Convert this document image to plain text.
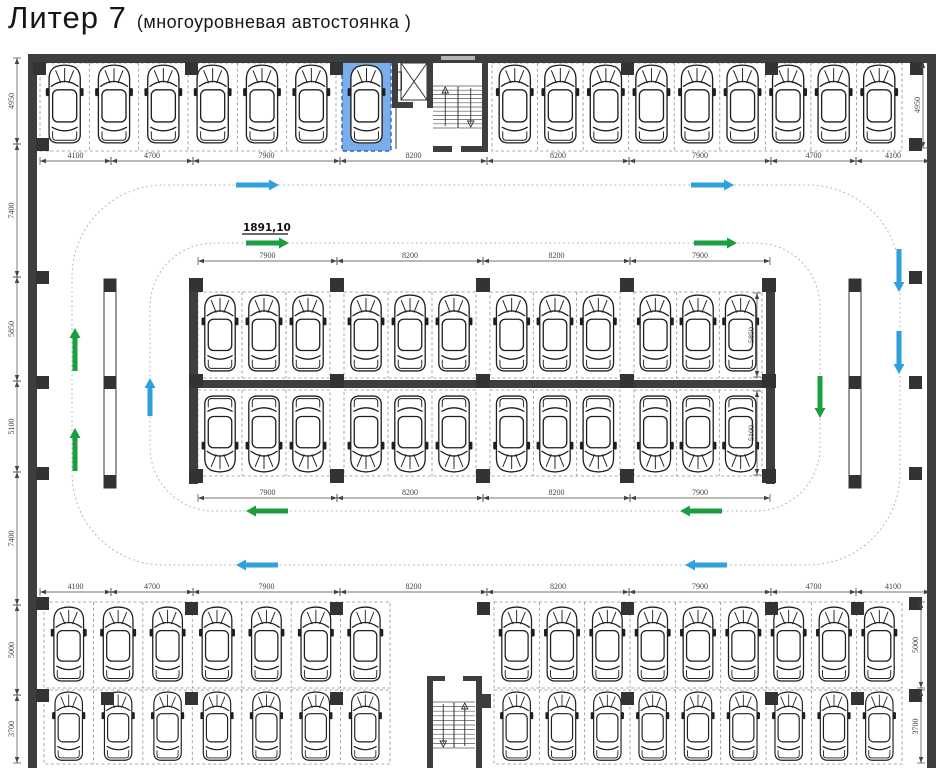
4100	4700	7900	8200	8200	7900	4700	4100
4100	4700	7900	8200	8200	7900	4700	4100
7900	8200	8200	7900
7900	8200	8200	7900
4950
7400
5850
5100
7400
5000
3700
4950
5000
3700
5850
5100
1891,10
Литер 7 (многоуровневая автостоянка )
